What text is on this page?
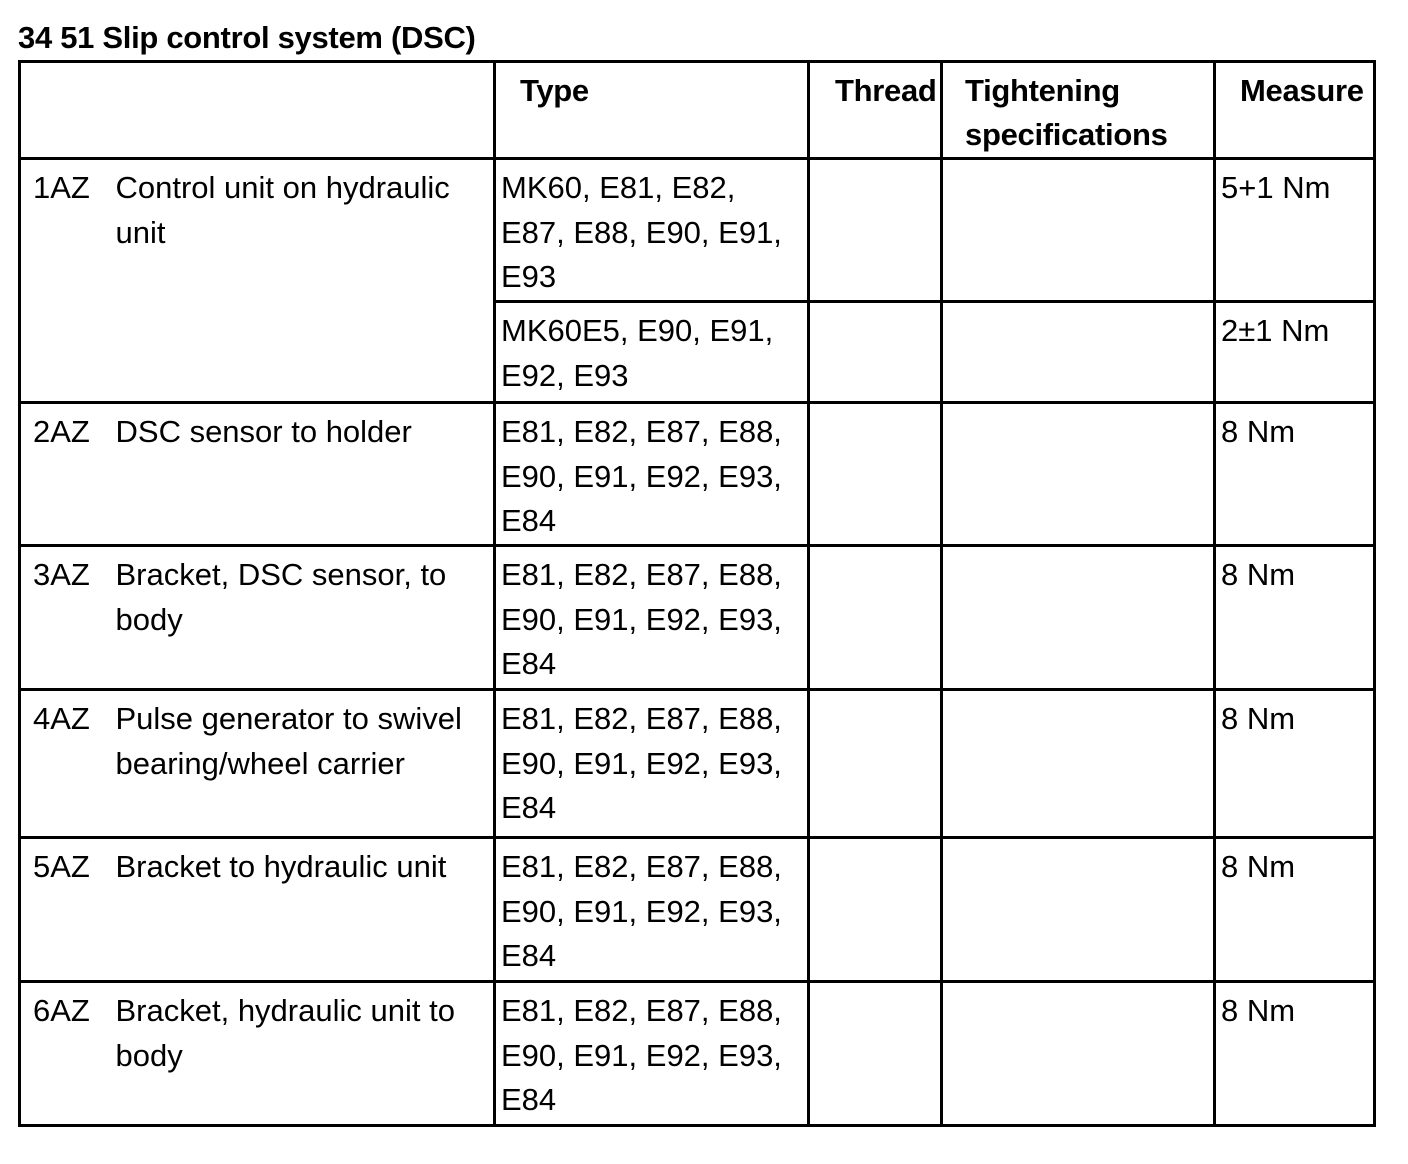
34 51 Slip control system (DSC)
		Type	Thread	Tightening specifications	Measure
1AZ	Control unit on hydraulic unit	MK60, E81, E82, E87, E88, E90, E91, E93			5+1 Nm
		MK60E5, E90, E91, E92, E93			2±1 Nm
2AZ	DSC sensor to holder	E81, E82, E87, E88, E90, E91, E92, E93, E84			8 Nm
3AZ	Bracket, DSC sensor, to body	E81, E82, E87, E88, E90, E91, E92, E93, E84			8 Nm
4AZ	Pulse generator to swivel bearing/wheel carrier	E81, E82, E87, E88, E90, E91, E92, E93, E84			8 Nm
5AZ	Bracket to hydraulic unit	E81, E82, E87, E88, E90, E91, E92, E93, E84			8 Nm
6AZ	Bracket, hydraulic unit to body	E81, E82, E87, E88, E90, E91, E92, E93, E84			8 Nm
